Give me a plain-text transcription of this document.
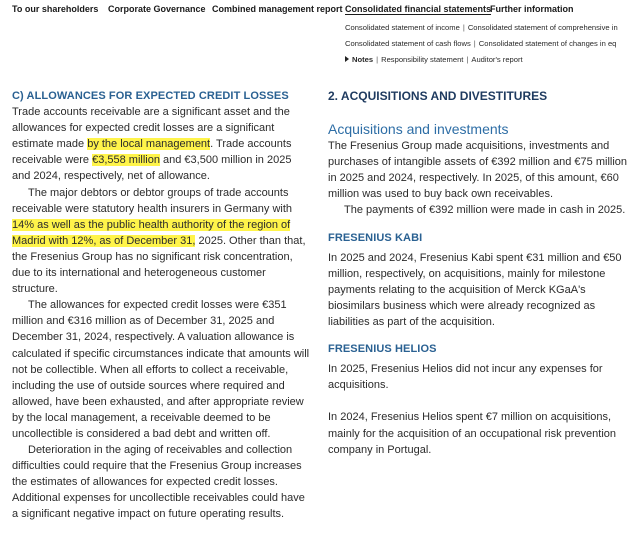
To our shareholders Corporate Governance Combined management report Consolidated financial statements
Further information
Consolidated statement of income | Consolidated statement of comprehensive in
Consolidated statement of cash flows | Consolidated statement of changes in eq
Notes | Responsibility statement | Auditor's report
C) ALLOWANCES FOR EXPECTED CREDIT LOSSES

Trade accounts receivable are a significant asset and the allowances for expected credit losses are a significant estimate made by the local management. Trade accounts receivable were €3,558 million and €3,500 million in 2025 and 2024, respectively, net of allowance.

The major debtors or debtor groups of trade accounts receivable were statutory health insurers in Germany with 14% as well as the public health authority of the region of Madrid with 12%, as of December 31, 2025. Other than that, the Fresenius Group has no significant risk concentration, due to its international and heterogeneous customer structure.

The allowances for expected credit losses were €351 million and €316 million as of December 31, 2025 and December 31, 2024, respectively. A valuation allowance is calculated if specific circumstances indicate that amounts will not be collectible. When all efforts to collect a receivable, including the use of outside sources where required and allowed, have been exhausted, and after appropriate review by the local management, a receivable deemed to be uncollectible is considered a bad debt and written off.

Deterioration in the aging of receivables and collection difficulties could require that the Fresenius Group increases the estimates of allowances for expected credit losses. Additional expenses for uncollectible receivables could have a significant negative impact on future operating results.

2. ACQUISITIONS AND DIVESTITURES
Acquisitions and investments

The Fresenius Group made acquisitions, investments and purchases of intangible assets of €392 million and €75 million in 2025 and 2024, respectively. In 2025, of this amount, €60 million was used to buy back own receivables.

The payments of €392 million were made in cash in 2025.

FRESENIUS KABI

In 2025 and 2024, Fresenius Kabi spent €31 million and €50 million, respectively, on acquisitions, mainly for milestone payments relating to the acquisition of Merck KGaA's biosimilars business which were already recognized as liabilities as part of the acquisition.

FRESENIUS HELIOS

In 2025, Fresenius Helios did not incur any expenses for acquisitions.

In 2024, Fresenius Helios spent €7 million on acquisitions, mainly for the acquisition of an occupational risk prevention company in Portugal.
